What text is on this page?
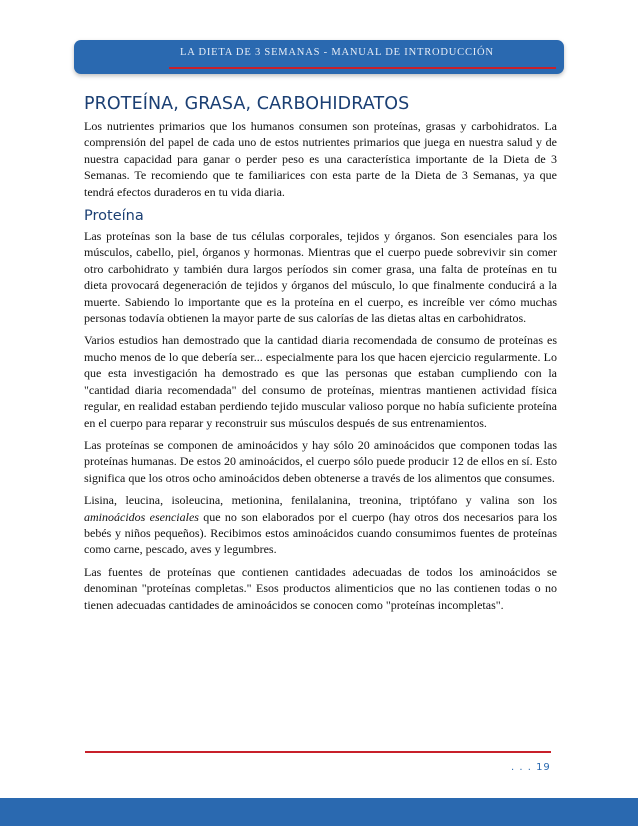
LA DIETA DE 3 SEMANAS - MANUAL DE INTRODUCCIÓN
PROTEÍNA, GRASA, CARBOHIDRATOS

Los nutrientes primarios que los humanos consumen son proteínas, grasas y carbohidratos. La comprensión del papel de cada uno de estos nutrientes primarios que juega en nuestra salud y de nuestra capacidad para ganar o perder peso es una característica importante de la Dieta de 3 Semanas. Te recomiendo que te familiarices con esta parte de la Dieta de 3 Semanas, ya que tendrá efectos duraderos en tu vida diaria.

Proteína

Las proteínas son la base de tus células corporales, tejidos y órganos. Son esenciales para los músculos, cabello, piel, órganos y hormonas. Mientras que el cuerpo puede sobrevivir sin comer otro carbohidrato y también dura largos períodos sin comer grasa, una falta de proteínas en tu dieta provocará degeneración de tejidos y órganos del músculo, lo que finalmente conducirá a la muerte. Sabiendo lo importante que es la proteína en el cuerpo, es increíble ver cómo muchas personas todavía obtienen la mayor parte de sus calorías de las dietas altas en carbohidratos.

Varios estudios han demostrado que la cantidad diaria recomendada de consumo de proteínas es mucho menos de lo que debería ser... especialmente para los que hacen ejercicio regularmente. Lo que esta investigación ha demostrado es que las personas que estaban cumpliendo con la "cantidad diaria recomendada" del consumo de proteínas, mientras mantienen actividad física regular, en realidad estaban perdiendo tejido muscular valioso porque no había suficiente proteína en el cuerpo para reparar y reconstruir sus músculos después de sus entrenamientos.

Las proteínas se componen de aminoácidos y hay sólo 20 aminoácidos que componen todas las proteínas humanas. De estos 20 aminoácidos, el cuerpo sólo puede producir 12 de ellos en sí. Esto significa que los otros ocho aminoácidos deben obtenerse a través de los alimentos que consumes.

Lisina, leucina, isoleucina, metionina, fenilalanina, treonina, triptófano y valina son los aminoácidos esenciales que no son elaborados por el cuerpo (hay otros dos necesarios para los bebés y niños pequeños). Recibimos estos aminoácidos cuando consumimos fuentes de proteínas como carne, pescado, aves y legumbres.

Las fuentes de proteínas que contienen cantidades adecuadas de todos los aminoácidos se denominan "proteínas completas." Esos productos alimenticios que no las contienen todas o no tienen adecuadas cantidades de aminoácidos se conocen como "proteínas incompletas".

. . . 19
